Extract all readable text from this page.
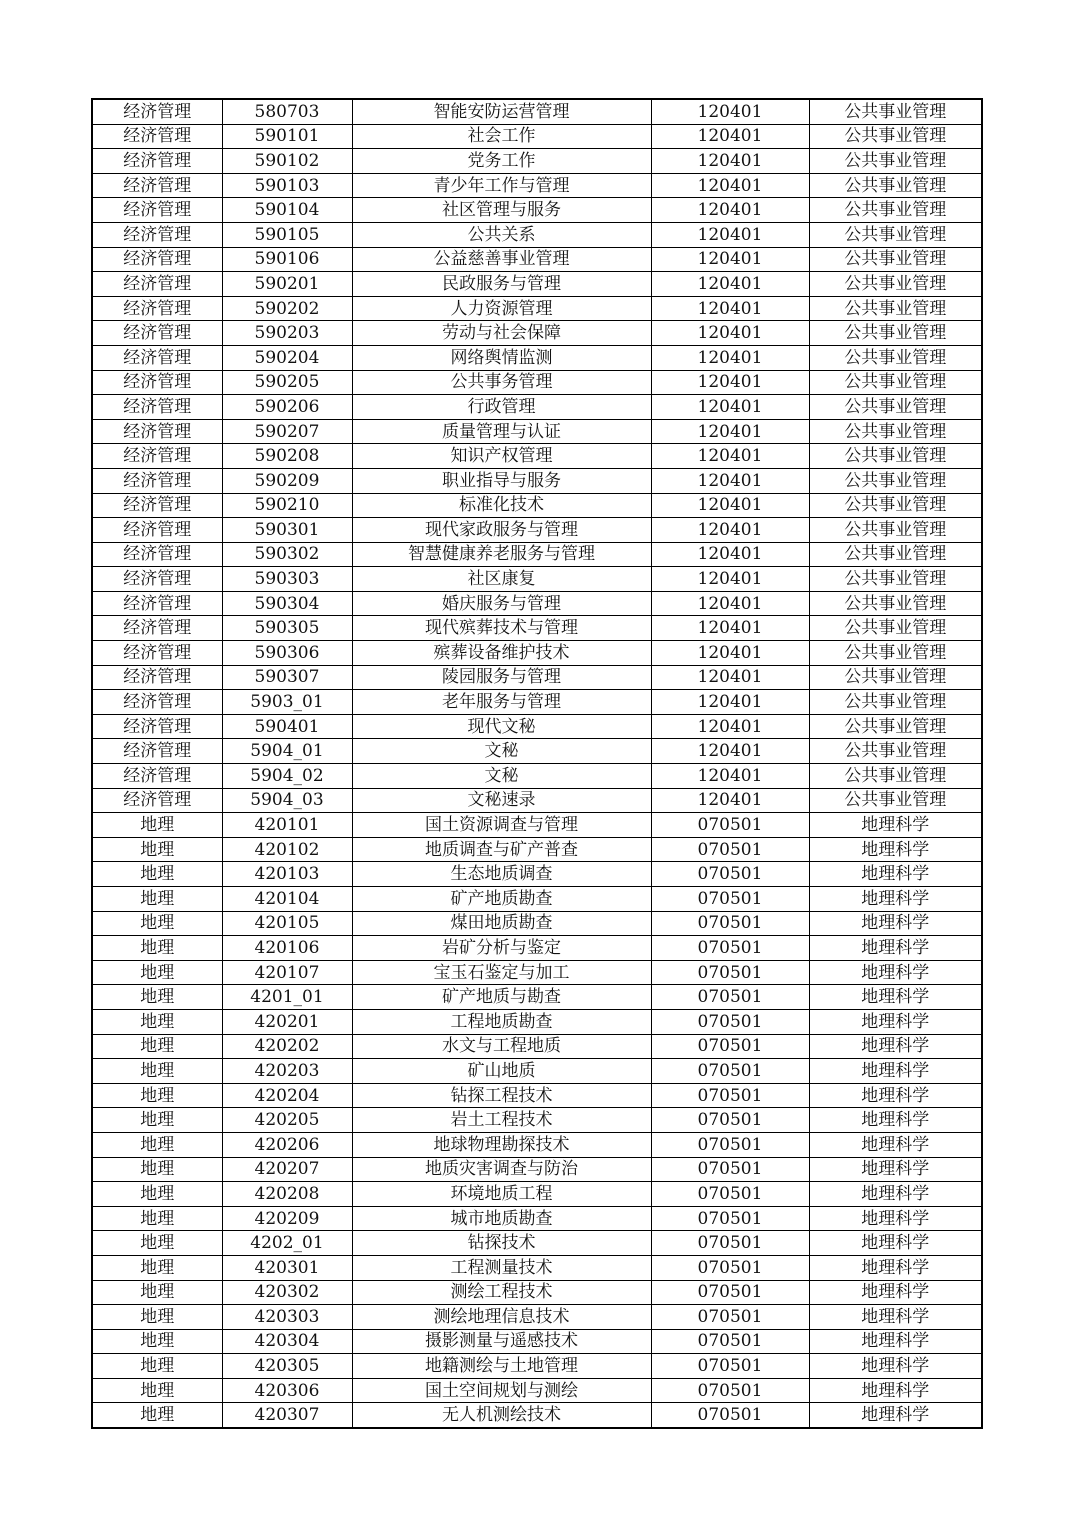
经济管理	580703	智能安防运营管理	120401	公共事业管理
经济管理	590101	社会工作	120401	公共事业管理
经济管理	590102	党务工作	120401	公共事业管理
经济管理	590103	青少年工作与管理	120401	公共事业管理
经济管理	590104	社区管理与服务	120401	公共事业管理
经济管理	590105	公共关系	120401	公共事业管理
经济管理	590106	公益慈善事业管理	120401	公共事业管理
经济管理	590201	民政服务与管理	120401	公共事业管理
经济管理	590202	人力资源管理	120401	公共事业管理
经济管理	590203	劳动与社会保障	120401	公共事业管理
经济管理	590204	网络舆情监测	120401	公共事业管理
经济管理	590205	公共事务管理	120401	公共事业管理
经济管理	590206	行政管理	120401	公共事业管理
经济管理	590207	质量管理与认证	120401	公共事业管理
经济管理	590208	知识产权管理	120401	公共事业管理
经济管理	590209	职业指导与服务	120401	公共事业管理
经济管理	590210	标准化技术	120401	公共事业管理
经济管理	590301	现代家政服务与管理	120401	公共事业管理
经济管理	590302	智慧健康养老服务与管理	120401	公共事业管理
经济管理	590303	社区康复	120401	公共事业管理
经济管理	590304	婚庆服务与管理	120401	公共事业管理
经济管理	590305	现代殡葬技术与管理	120401	公共事业管理
经济管理	590306	殡葬设备维护技术	120401	公共事业管理
经济管理	590307	陵园服务与管理	120401	公共事业管理
经济管理	5903_01	老年服务与管理	120401	公共事业管理
经济管理	590401	现代文秘	120401	公共事业管理
经济管理	5904_01	文秘	120401	公共事业管理
经济管理	5904_02	文秘	120401	公共事业管理
经济管理	5904_03	文秘速录	120401	公共事业管理
地理	420101	国土资源调查与管理	070501	地理科学
地理	420102	地质调查与矿产普查	070501	地理科学
地理	420103	生态地质调查	070501	地理科学
地理	420104	矿产地质勘查	070501	地理科学
地理	420105	煤田地质勘查	070501	地理科学
地理	420106	岩矿分析与鉴定	070501	地理科学
地理	420107	宝玉石鉴定与加工	070501	地理科学
地理	4201_01	矿产地质与勘查	070501	地理科学
地理	420201	工程地质勘查	070501	地理科学
地理	420202	水文与工程地质	070501	地理科学
地理	420203	矿山地质	070501	地理科学
地理	420204	钻探工程技术	070501	地理科学
地理	420205	岩土工程技术	070501	地理科学
地理	420206	地球物理勘探技术	070501	地理科学
地理	420207	地质灾害调查与防治	070501	地理科学
地理	420208	环境地质工程	070501	地理科学
地理	420209	城市地质勘查	070501	地理科学
地理	4202_01	钻探技术	070501	地理科学
地理	420301	工程测量技术	070501	地理科学
地理	420302	测绘工程技术	070501	地理科学
地理	420303	测绘地理信息技术	070501	地理科学
地理	420304	摄影测量与遥感技术	070501	地理科学
地理	420305	地籍测绘与土地管理	070501	地理科学
地理	420306	国土空间规划与测绘	070501	地理科学
地理	420307	无人机测绘技术	070501	地理科学
